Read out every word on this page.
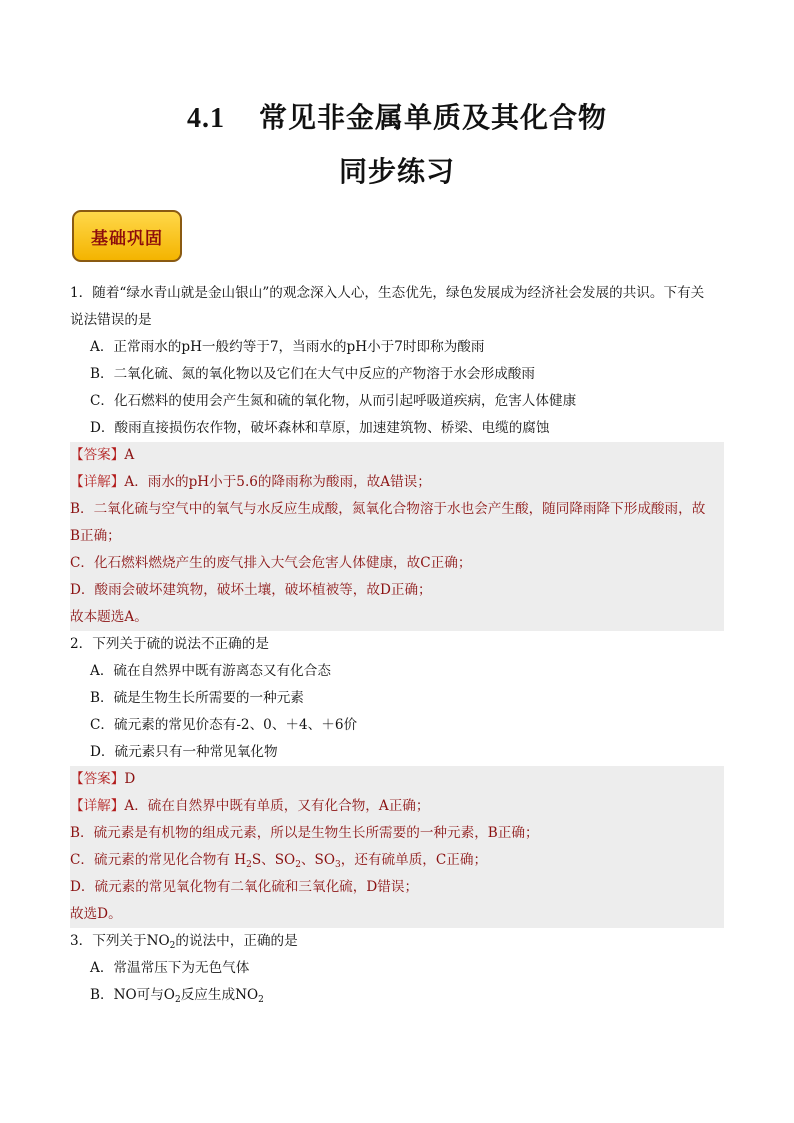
4.1 常见非金属单质及其化合物
同步练习
基础巩固
1．随着“绿水青山就是金山银山”的观念深入人心，生态优先，绿色发展成为经济社会发展的共识。下有关
说法错误的是
A．正常雨水的pH一般约等于7，当雨水的pH小于7时即称为酸雨
B．二氧化硫、氮的氧化物以及它们在大气中反应的产物溶于水会形成酸雨
C．化石燃料的使用会产生氮和硫的氧化物，从而引起呼吸道疾病，危害人体健康
D．酸雨直接损伤农作物，破坏森林和草原，加速建筑物、桥梁、电缆的腐蚀
【答案】A
【详解】A．雨水的pH小于5.6的降雨称为酸雨，故A错误；
B．二氧化硫与空气中的氧气与水反应生成酸，氮氧化合物溶于水也会产生酸，随同降雨降下形成酸雨，故
B正确；
C．化石燃料燃烧产生的废气排入大气会危害人体健康，故C正确；
D．酸雨会破坏建筑物，破坏土壤，破坏植被等，故D正确；
故本题选A。
2．下列关于硫的说法不正确的是
A．硫在自然界中既有游离态又有化合态
B．硫是生物生长所需要的一种元素
C．硫元素的常见价态有-2、0、＋4、＋6价
D．硫元素只有一种常见氧化物
【答案】D
【详解】A．硫在自然界中既有单质，又有化合物，A正确；
B．硫元素是有机物的组成元素，所以是生物生长所需要的一种元素，B正确；
C．硫元素的常见化合物有 $H_2S$、$SO_2$、$SO_3$，还有硫单质，C正确；
D．硫元素的常见氧化物有二氧化硫和三氧化硫，D错误；
故选D。
3．下列关于$NO_2$的说法中，正确的是
A．常温常压下为无色气体
B．NO可与$O_2$反应生成$NO_2$
